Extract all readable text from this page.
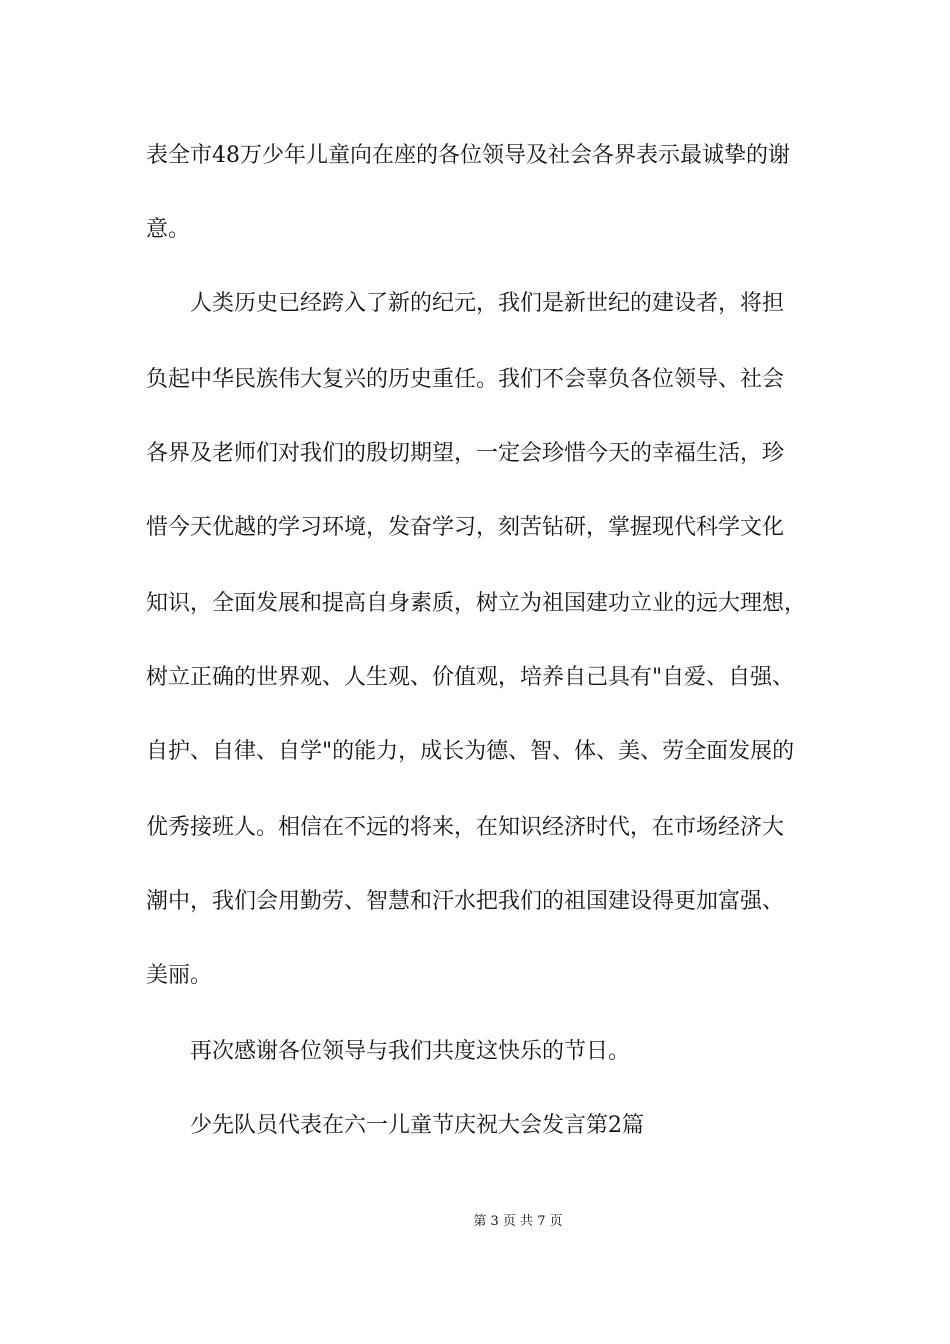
表全市48万少年儿童向在座的各位领导及社会各界表示最诚挚的谢
意。
人类历史已经跨入了新的纪元，我们是新世纪的建设者，将担
负起中华民族伟大复兴的历史重任。我们不会辜负各位领导、社会
各界及老师们对我们的殷切期望，一定会珍惜今天的幸福生活，珍
惜今天优越的学习环境，发奋学习，刻苦钻研，掌握现代科学文化
知识，全面发展和提高自身素质，树立为祖国建功立业的远大理想，
树立正确的世界观、人生观、价值观，培养自己具有"自爱、自强、
自护、自律、自学"的能力，成长为德、智、体、美、劳全面发展的
优秀接班人。相信在不远的将来，在知识经济时代，在市场经济大
潮中，我们会用勤劳、智慧和汗水把我们的祖国建设得更加富强、
美丽。
再次感谢各位领导与我们共度这快乐的节日。
少先队员代表在六一儿童节庆祝大会发言第2篇
第 3 页 共 7 页
